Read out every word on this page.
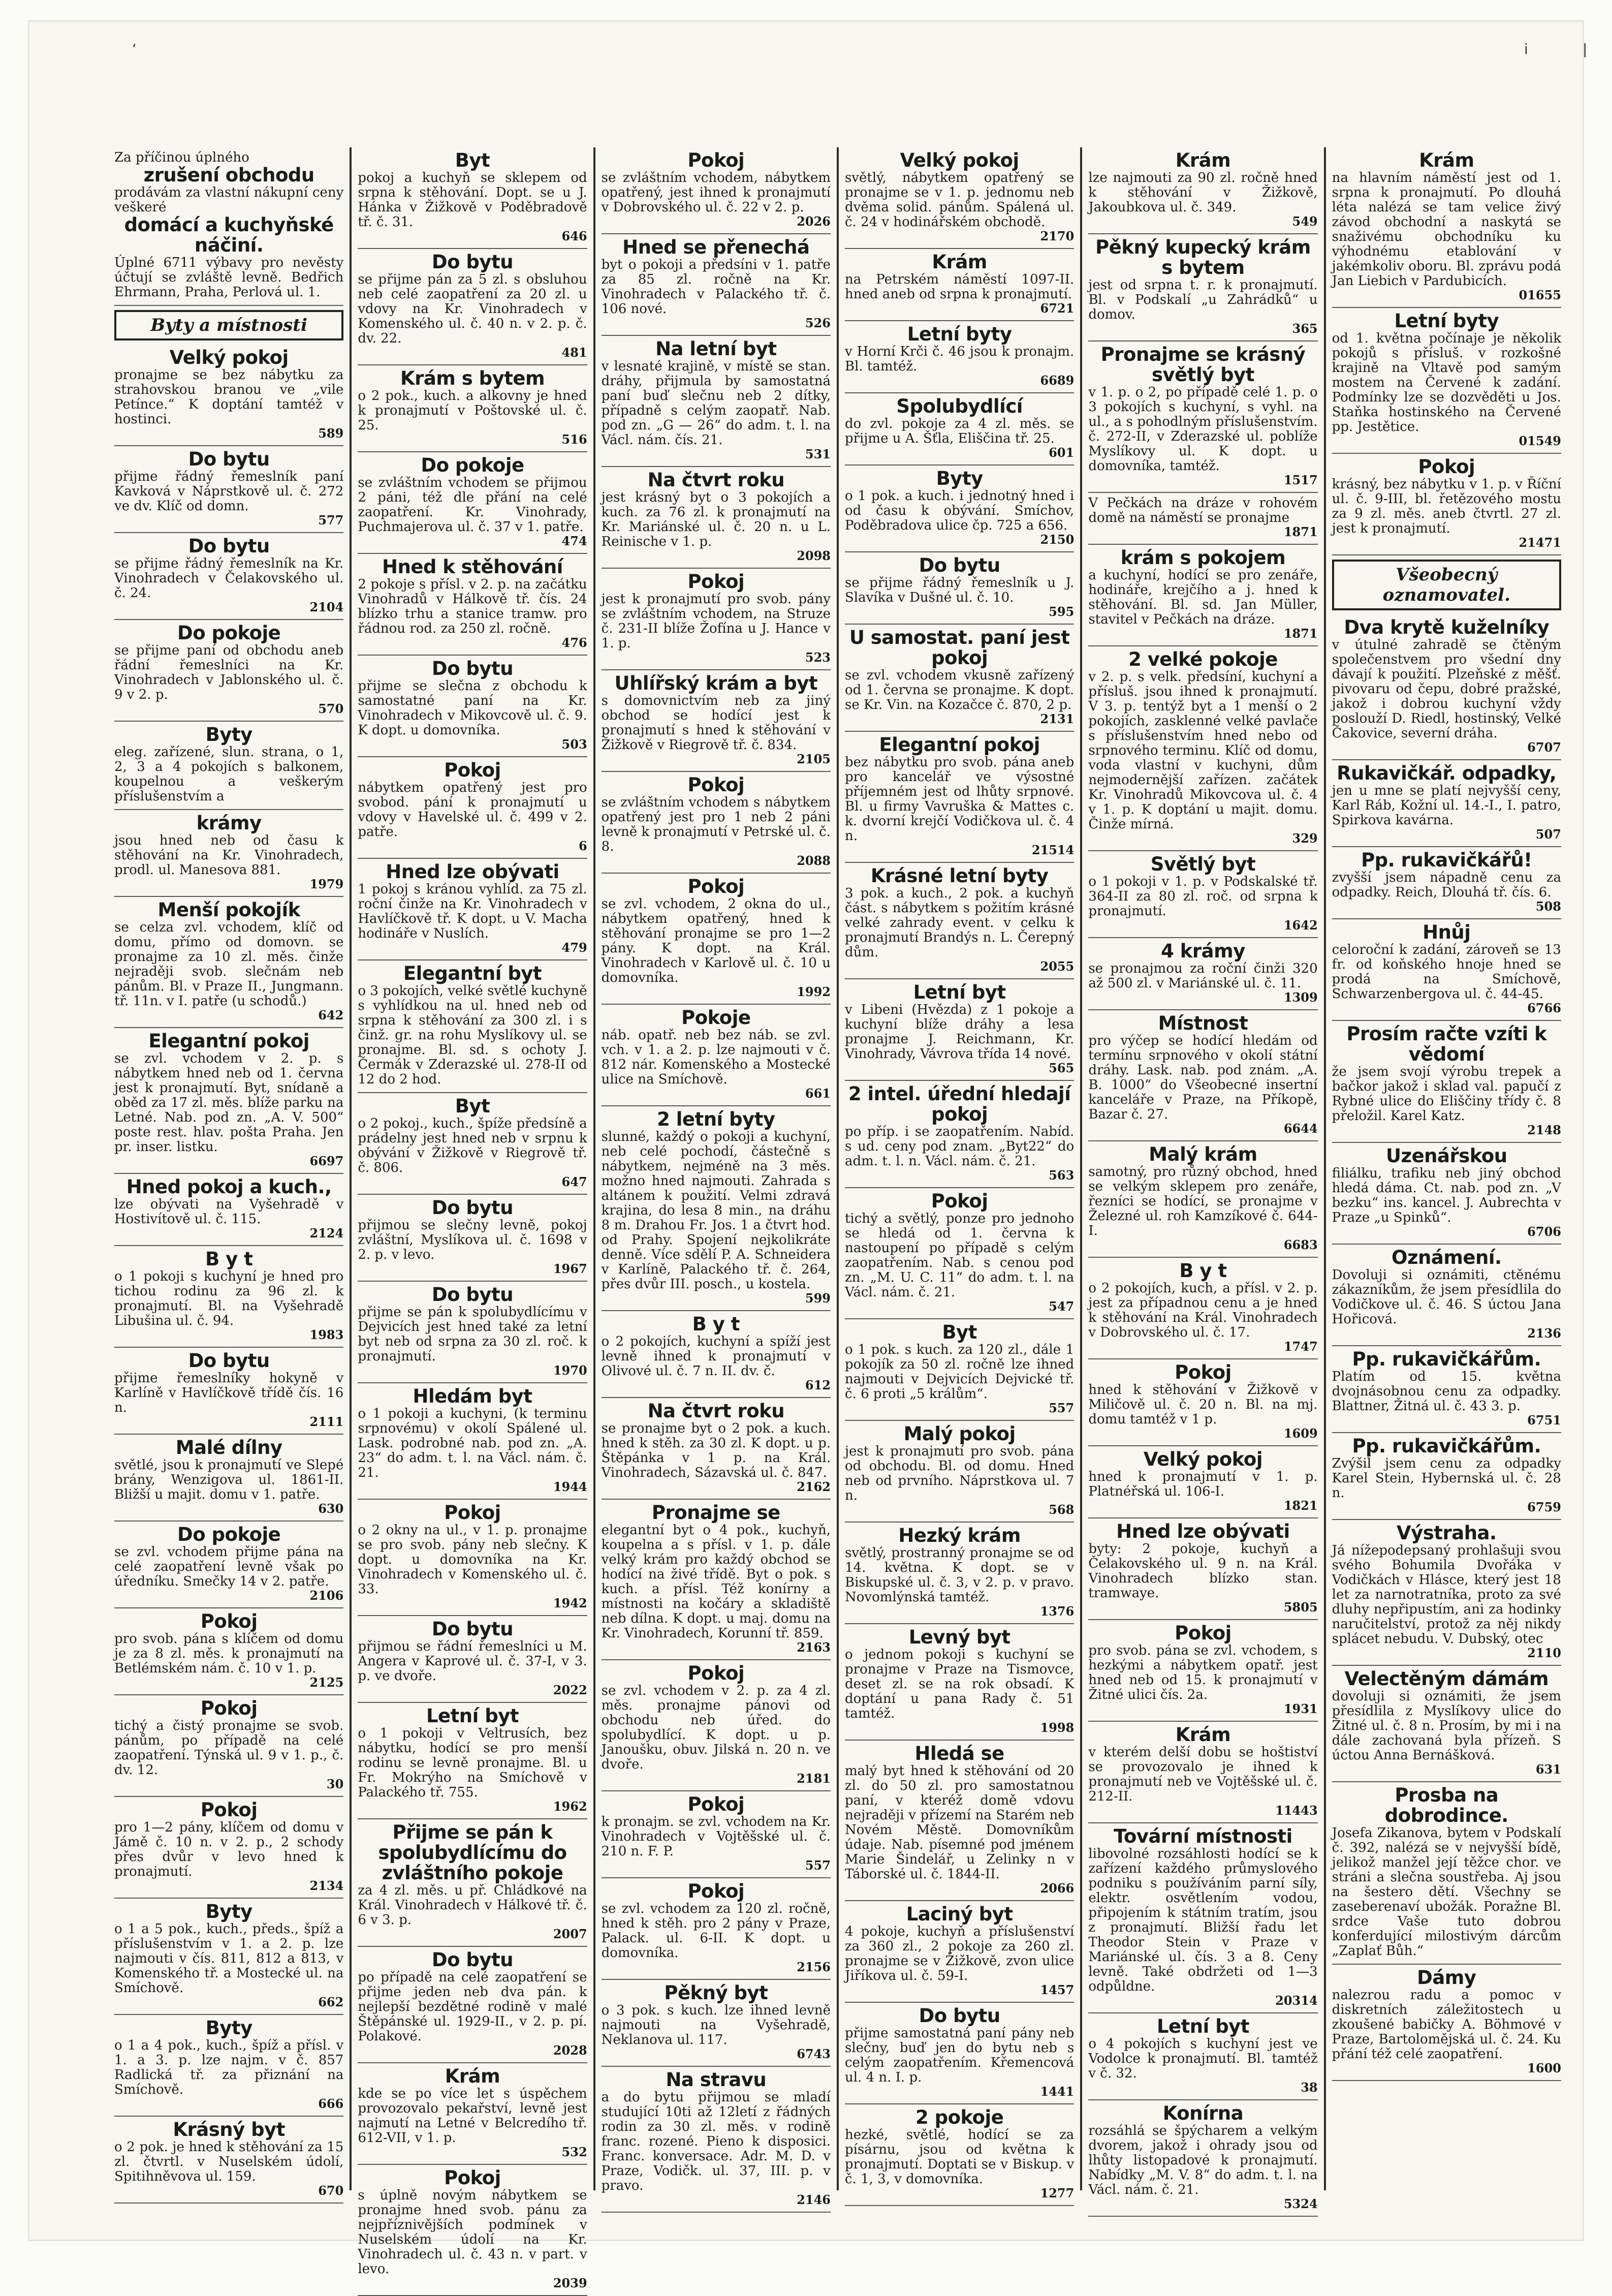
‘	i	|
Za příčinou úplného
zrušení obchodu
prodávám za vlastní nákupní ceny veškeré
domácí a kuchyňské náčiní.
Úplné 6711 výbavy pro nevěsty účtují se zvláště levně. Bedřich Ehrmann, Praha, Perlová ul. 1.
Byty a místnosti
Velký pokoj
pronajme se bez nábytku za strahovskou branou ve „vile Petínce.“ K doptání tamtéž v hostinci.
589
Do bytu
přijme řádný řemeslník paní Kavková v Náprstkově ul. č. 272 ve dv. Klíč od domn.
577
Do bytu
se přijme řádný řemeslník na Kr. Vinohradech v Čelakovského ul. č. 24.
2104
Do pokoje
se přijme paní od obchodu aneb řádní řemeslníci na Kr. Vinohradech v Jablonského ul. č. 9 v 2. p.
570
Byty
eleg. zařízené, slun. strana, o 1, 2, 3 a 4 pokojích s balkonem, koupelnou a veškerým příslušenstvím a
krámy
jsou hned neb od času k stěhování na Kr. Vinohradech, prodl. ul. Manesova 881.
1979
Menší pokojík
se celza zvl. vchodem, klíč od domu, přímo od domovn. se pronajme za 10 zl. měs. činže nejraději svob. slečnám neb pánům. Bl. v Praze II., Jungmann. tř. 11n. v I. patře (u schodů.)
642
Elegantní pokoj
se zvl. vchodem v 2. p. s nábytkem hned neb od 1. června jest k pronajmutí. Byt, snídaně a oběd za 17 zl. měs. blíže parku na Letné. Nab. pod zn. „A. V. 500“ poste rest. hlav. pošta Praha. Jen pr. inser. listku.
6697
Hned pokoj a kuch.,
lze obývati na Vyšehradě v Hostivítově ul. č. 115.
2124
B y t
o 1 pokoji s kuchyní je hned pro tichou rodinu za 96 zl. k pronajmutí. Bl. na Vyšehradě Libušina ul. č. 94.
1983
Do bytu
přijme řemeslníky hokyně v Karlíně v Havlíčkově třídě čís. 16 n.
2111
Malé dílny
světlé, jsou k pronajmutí ve Slepé brány, Wenzigova ul. 1861-II. Bližší u majit. domu v 1. patře.
630
Do pokoje
se zvl. vchodem přijme pána na celé zaopatření levně však po úředníku. Smečky 14 v 2. patře.
2106
Pokoj
pro svob. pána s klíčem od domu je za 8 zl. měs. k pronajmutí na Betlémském nám. č. 10 v 1. p.
2125
Pokoj
tichý a čistý pronajme se svob. pánům, po případě na celé zaopatření. Týnská ul. 9 v 1. p., č. dv. 12.
30
Pokoj
pro 1—2 pány, klíčem od domu v Jámě č. 10 n. v 2. p., 2 schody přes dvůr v levo hned k pronajmutí.
2134
Byty
o 1 a 5 pok., kuch., předs., špíž a příslušenstvím v 1. a 2. p. lze najmouti v čís. 811, 812 a 813, v Komenského tř. a Mostecké ul. na Smíchově.
662
Byty
o 1 a 4 pok., kuch., špíž a přísl. v 1. a 3. p. lze najm. v č. 857 Radlická tř. za přiznání na Smíchově.
666
Krásný byt
o 2 pok. je hned k stěhování za 15 zl. čtvrtl. v Nuselském údolí, Spitihněvova ul. 159.
670
Byt
pokoj a kuchyň se sklepem od srpna k stěhování. Dopt. se u J. Hánka v Žižkově v Poděbradově tř. č. 31.
646
Do bytu
se přijme pán za 5 zl. s obsluhou neb celé zaopatření za 20 zl. u vdovy na Kr. Vinohradech v Komenského ul. č. 40 n. v 2. p. č. dv. 22.
481
Krám s bytem
o 2 pok., kuch. a alkovny je hned k pronajmutí v Poštovské ul. č. 25.
516
Do pokoje
se zvláštním vchodem se přijmou 2 páni, též dle přání na celé zaopatření. Kr. Vinohrady, Puchmajerova ul. č. 37 v 1. patře.
474
Hned k stěhování
2 pokoje s přísl. v 2. p. na začátku Vinohradů v Hálkově tř. čís. 24 blízko trhu a stanice tramw. pro řádnou rod. za 250 zl. ročně.
476
Do bytu
přijme se slečna z obchodu k samostatné paní na Kr. Vinohradech v Mikovcově ul. č. 9. K dopt. u domovníka.
503
Pokoj
nábytkem opatřený jest pro svobod. pání k pronajmutí u vdovy v Havelské ul. č. 499 v 2. patře.
6
Hned lze obývati
1 pokoj s kránou vyhlíd. za 75 zl. roční činže na Kr. Vinohradech v Havlíčkově tř. K dopt. u V. Macha hodináře v Nuslích.
479
Elegantní byt
o 3 pokojích, velké světlé kuchyně s vyhlídkou na ul. hned neb od srpna k stěhování za 300 zl. i s činž. gr. na rohu Myslíkovy ul. se pronajme. Bl. sd. s ochoty J. Čermák v Zderazské ul. 278-II od 12 do 2 hod.
Byt
o 2 pokoj., kuch., špíže předsíně a prádelny jest hned neb v srpnu k obývání v Žižkově v Riegrově tř. č. 806.
647
Do bytu
přijmou se slečny levně, pokoj zvláštní, Myslíkova ul. č. 1698 v 2. p. v levo.
1967
Do bytu
přijme se pán k spolubydlícímu v Dejvicích jest hned také za letní byt neb od srpna za 30 zl. roč. k pronajmutí.
1970
Hledám byt
o 1 pokoji a kuchyni, (k terminu srpnovému) v okolí Spálené ul. Lask. podrobné nab. pod zn. „A. 23“ do adm. t. l. na Václ. nám. č. 21.
1944
Pokoj
o 2 okny na ul., v 1. p. pronajme se pro svob. pány neb slečny. K dopt. u domovníka na Kr. Vinohradech v Komenského ul. č. 33.
1942
Do bytu
přijmou se řádní řemeslníci u M. Angera v Kaprové ul. č. 37-I, v 3. p. ve dvoře.
2022
Letní byt
o 1 pokoji v Veltrusích, bez nábytku, hodící se pro menší rodinu se levně pronajme. Bl. u Fr. Mokrýho na Smíchově v Palackého tř. 755.
1962
Přijme se pán k spolubydlícímu do zvláštního pokoje
za 4 zl. měs. u př. Chládkové na Král. Vinohradech v Hálkové tř. č. 6 v 3. p.
2007
Do bytu
po případě na celé zaopatření se přijme jeden neb dva pán. k nejlepší bezdětné rodině v malé Štěpánské ul. 1929-II., v 2. p. pí. Polakové.
2028
Krám
kde se po více let s úspěchem provozovalo pekařství, levně jest najmutí na Letné v Belcredího tř. 612-VII, v 1. p.
532
Pokoj
s úplně novým nábytkem se pronajme hned svob. pánu za nejpříznivějších podmínek v Nuselském údolí na Kr. Vinohradech ul. č. 43 n. v part. v levo.
2039
Pokoj
se zvláštním vchodem, nábytkem opatřený, jest ihned k pronajmutí v Dobrovského ul. č. 22 v 2. p.
2026
Hned se přenechá
byt o pokoji a předsíni v 1. patře za 85 zl. ročně na Kr. Vinohradech v Palackého tř. č. 106 nové.
526
Na letní byt
v lesnaté krajině, v místě se stan. dráhy, přijmula by samostatná paní buď slečnu neb 2 dítky, případně s celým zaopatř. Nab. pod zn. „G — 26“ do adm. t. l. na Václ. nám. čís. 21.
531
Na čtvrt roku
jest krásný byt o 3 pokojích a kuch. za 76 zl. k pronajmutí na Kr. Mariánské ul. č. 20 n. u L. Reinische v 1. p.
2098
Pokoj
jest k pronajmutí pro svob. pány se zvláštním vchodem, na Struze č. 231-II blíže Žofína u J. Hance v 1. p.
523
Uhlířský krám a byt
s domovnictvím neb za jiný obchod se hodící jest k pronajmutí s hned k stěhování v Žižkově v Riegrově tř. č. 834.
2105
Pokoj
se zvláštním vchodem s nábytkem opatřený jest pro 1 neb 2 páni levně k pronajmutí v Petrské ul. č. 8.
2088
Pokoj
se zvl. vchodem, 2 okna do ul., nábytkem opatřený, hned k stěhování pronajme se pro 1—2 pány. K dopt. na Král. Vinohradech v Karlově ul. č. 10 u domovníka.
1992
Pokoje
náb. opatř. neb bez náb. se zvl. vch. v 1. a 2. p. lze najmouti v č. 812 nár. Komenského a Mostecké ulice na Smíchově.
661
2 letní byty
slunné, každý o pokoji a kuchyní, neb celé pochodí, částečně s nábytkem, nejméně na 3 měs. možno hned najmouti. Zahrada s altánem k použití. Velmi zdravá krajina, do lesa 8 min., na dráhu 8 m. Drahou Fr. Jos. 1 a čtvrt hod. od Prahy. Spojení nejkolikráte denně. Více sdělí P. A. Schneidera v Karlíně, Palackého tř. č. 264, přes dvůr III. posch., u kostela.
599
B y t
o 2 pokojích, kuchyní a spíží jest levně ihned k pronajmutí v Olivové ul. č. 7 n. II. dv. č.
612
Na čtvrt roku
se pronajme byt o 2 pok. a kuch. hned k stěh. za 30 zl. K dopt. u p. Štěpánka v 1 p. na Král. Vinohradech, Sázavská ul. č. 847.
2162
Pronajme se
elegantní byt o 4 pok., kuchyň, koupelna a s přísl. v 1. p. dále velký krám pro každý obchod se hodící na živé třídě. Byt o pok. s kuch. a přísl. Též konírny a místnosti na kočáry a skladiště neb dílna. K dopt. u maj. domu na Kr. Vinohradech, Korunní tř. 859.
2163
Pokoj
se zvl. vchodem v 2. p. za 4 zl. měs. pronajme pánovi od obchodu neb úřed. do spolubydlící. K dopt. u p. Janoušku, obuv. Jilská n. 20 n. ve dvoře.
2181
Pokoj
k pronajm. se zvl. vchodem na Kr. Vinohradech v Vojtěšské ul. č. 210 n. F. P.
557
Pokoj
se zvl. vchodem za 120 zl. ročně, hned k stěh. pro 2 pány v Praze, Palack. ul. 6-II. K dopt. u domovníka.
2156
Pěkný byt
o 3 pok. s kuch. lze ihned levně najmouti na Vyšehradě, Neklanova ul. 117.
6743
Na stravu
a do bytu přijmou se mladí studující 10ti až 12letí z řádných rodin za 30 zl. měs. v rodině franc. rozené. Pieno k disposici. Franc. konversace. Adr. M. D. v Praze, Vodičk. ul. 37, III. p. v pravo.
2146
Velký pokoj
světlý, nábytkem opatřený se pronajme se v 1. p. jednomu neb dvěma solid. pánům. Spálená ul. č. 24 v hodinářském obchodě.
2170
Krám
na Petrském náměstí 1097-II. hned aneb od srpna k pronajmutí.
6721
Letní byty
v Horní Krči č. 46 jsou k pronajm. Bl. tamtéž.
6689
Spolubydlící
do zvl. pokoje za 4 zl. měs. se přijme u A. Šťla, Eliščina tř. 25.
601
Byty
o 1 pok. a kuch. i jednotný hned i od času k obývání. Smíchov, Poděbradova ulice čp. 725 a 656.
2150
Do bytu
se přijme řádný řemeslník u J. Slavíka v Dušné ul. č. 10.
595
U samostat. paní jest pokoj
se zvl. vchodem vkusně zařízený od 1. června se pronajme. K dopt. se Kr. Vin. na Kozačce č. 870, 2 p.
2131
Elegantní pokoj
bez nábytku pro svob. pána aneb pro kancelář ve výsostné příjemném jest od lhůty srpnové. Bl. u firmy Vavruška & Mattes c. k. dvorní krejčí Vodičkova ul. č. 4 n.
21514
Krásné letní byty
3 pok. a kuch., 2 pok. a kuchyň část. s nábytkem s požitím krásné velké zahrady event. v celku k pronajmutí Brandýs n. L. Čerepný dům.
2055
Letní byt
v Libeni (Hvězda) z 1 pokoje a kuchyní blíže dráhy a lesa pronajme J. Reichmann, Kr. Vinohrady, Vávrova třída 14 nové.
565
2 intel. úřední hledají pokoj
po příp. i se zaopatřením. Nabíd. s ud. ceny pod znam. „Byt22“ do adm. t. l. n. Václ. nám. č. 21.
563
Pokoj
tichý a světlý, ponze pro jednoho se hledá od 1. června k nastoupení po případě s celým zaopatřením. Nab. s cenou pod zn. „M. U. C. 11“ do adm. t. l. na Václ. nám. č. 21.
547
Byt
o 1 pok. s kuch. za 120 zl., dále 1 pokojík za 50 zl. ročně lze ihned najmouti v Dejvicích Dejvické tř. č. 6 proti „5 králům“.
557
Malý pokoj
jest k pronajmutí pro svob. pána od obchodu. Bl. od domu. Hned neb od prvního. Náprstkova ul. 7 n.
568
Hezký krám
světlý, prostranný pronajme se od 14. května. K dopt. se v Biskupské ul. č. 3, v 2. p. v pravo. Novomlýnská tamtéž.
1376
Levný byt
o jednom pokoji s kuchyní se pronajme v Praze na Tismovce, deset zl. se na rok obsadí. K doptání u pana Rady č. 51 tamtéž.
1998
Hledá se
malý byt hned k stěhování od 20 zl. do 50 zl. pro samostatnou paní, v kteréž domě vdovu nejraději v přízemí na Starém neb Novém Městě. Domovníkům údaje. Nab. písemné pod jménem Marie Šindelář, u Zelinky n v Táborské ul. č. 1844-II.
2066
Laciný byt
4 pokoje, kuchyň a příslušenství za 360 zl., 2 pokoje za 260 zl. pronajme se v Žižkově, zvon ulice Jiříkova ul. č. 59-I.
1457
Do bytu
přijme samostatná paní pány neb slečny, buď jen do bytu neb s celým zaopatřením. Křemencová ul. 4 n. I. p.
1441
2 pokoje
hezké, světlé, hodící se za písárnu, jsou od května k pronajmutí. Doptati se v Biskup. v č. 1, 3, v domovníka.
1277
Krám
lze najmouti za 90 zl. ročně hned k stěhování v Žižkově, Jakoubkova ul. č. 349.
549
Pěkný kupecký krám s bytem
jest od srpna t. r. k pronajmutí. Bl. v Podskalí „u Zahrádků“ u domov.
365
Pronajme se krásný světlý byt
v 1. p. o 2, po případě celé 1. p. o 3 pokojích s kuchyní, s vyhl. na ul., a s pohodlným příslušenstvím. č. 272-II, v Zderazské ul. poblíže Myslíkovy ul. K dopt. u domovníka, tamtéž.
1517
V Pečkách na dráze v rohovém domě na náměstí se pronajme
1871
krám s pokojem
a kuchyní, hodící se pro zenáře, hodináře, krejčího a j. hned k stěhování. Bl. sd. Jan Müller, stavitel v Pečkách na dráze.
1871
2 velké pokoje
v 2. p. s velk. předsíní, kuchyní a přísluš. jsou ihned k pronajmutí. V 3. p. tentýž byt a 1 menší o 2 pokojích, zasklenné velké pavlače s příslušenstvím hned nebo od srpnového terminu. Klíč od domu, voda vlastní v kuchyni, dům nejmodernější zařízen. začátek Kr. Vinohradů Mikovcova ul. č. 4 v 1. p. K doptání u majit. domu. Činže mírná.
329
Světlý byt
o 1 pokoji v 1. p. v Podskalské tř. 364-II za 80 zl. roč. od srpna k pronajmutí.
1642
4 krámy
se pronajmou za roční činži 320 až 500 zl. v Mariánské ul. č. 11.
1309
Místnost
pro výčep se hodící hledám od termínu srpnového v okolí státní dráhy. Lask. nab. pod znám. „A. B. 1000“ do Všeobecné insertní kanceláře v Praze, na Příkopě, Bazar č. 27.
6644
Malý krám
samotný, pro různý obchod, hned se velkým sklepem pro zenáře, řezníci se hodící, se pronajme v Železné ul. roh Kamzíkové č. 644-I.
6683
B y t
o 2 pokojích, kuch, a přísl. v 2. p. jest za případnou cenu a je hned k stěhování na Král. Vinohradech v Dobrovského ul. č. 17.
1747
Pokoj
hned k stěhování v Žižkově v Miličově ul. č. 20 n. Bl. na mj. domu tamtéž v 1 p.
1609
Velký pokoj
hned k pronajmutí v 1. p. Platnéřská ul. 106-I.
1821
Hned lze obývati
byty: 2 pokoje, kuchyň a Čelakovského ul. 9 n. na Král. Vinohradech blízko stan. tramwaye.
5805
Pokoj
pro svob. pána se zvl. vchodem, s hezkými a nábytkem opatř. jest hned neb od 15. k pronajmutí v Žitné ulici čís. 2a.
1931
Krám
v kterém delší dobu se hoštiství se provozovalo je ihned k pronajmutí neb ve Vojtěšské ul. č. 212-II.
11443
Tovární místnosti
libovolné rozsáhlosti hodící se k zařízení každého průmyslového podniku s používáním parní síly, elektr. osvětlením vodou, připojením k státním tratím, jsou z pronajmutí. Bližší řadu let Theodor Stein v Praze v Mariánské ul. čís. 3 a 8. Ceny levně. Také obdržeti od 1—3 odpůldne.
20314
Letní byt
o 4 pokojích s kuchyní jest ve Vodolce k pronajmutí. Bl. tamtéž v č. 32.
38
Konírna
rozsáhlá se špýcharem a velkým dvorem, jakož i ohrady jsou od lhůty listopadové k pronajmutí. Nabídky „M. V. 8“ do adm. t. l. na Václ. nám. č. 21.
5324
Krám
na hlavním náměstí jest od 1. srpna k pronajmutí. Po dlouhá léta nalézá se tam velice živý závod obchodní a naskytá se snaživému obchodníku ku výhodnému etablování v jakémkoliv oboru. Bl. zprávu podá Jan Liebich v Pardubicích.
01655
Letní byty
od 1. května počínaje je několik pokojů s přísluš. v rozkošné krajině na Vltavě pod samým mostem na Červené k zadání. Podmínky lze se dozvěděti u Jos. Staňka hostinského na Červené pp. Jestětice.
01549
Pokoj
krásný, bez nábytku v 1. p. v Říční ul. č. 9-III, bl. řetězového mostu za 9 zl. měs. aneb čtvrtl. 27 zl. jest k pronajmutí.
21471
Všeobecný oznamovatel.
Dva krytě kuželníky
v útulné zahradě se čtěným společenstvem pro všední dny dávají k použití. Plzeňské z měšť. pivovaru od čepu, dobré pražské, jakož i dobrou kuchyní vždy poslouží D. Riedl, hostinský, Velké Čakovice, severní dráha.
6707
Rukavičkář. odpadky,
jen u mne se platí nejvyšší ceny, Karl Ráb, Kožní ul. 14.-I., I. patro, Spirkova kavárna.
507
Pp. rukavičkářů!
zvyšší jsem nápadně cenu za odpadky. Reich, Dlouhá tř. čís. 6.
508
Hnůj
celoroční k zadání, zároveň se 13 fr. od koňského hnoje hned se prodá na Smíchově, Schwarzenbergova ul. č. 44-45.
6766
Prosím račte vzíti k vědomí
že jsem svojí výrobu trepek a bačkor jakož i sklad val. papučí z Rybné ulice do Eliščiny třídy č. 8 přeložil. Karel Katz.
2148
Uzenářskou
filiálku, trafiku neb jiný obchod hledá dáma. Ct. nab. pod zn. „V bezku“ ins. kancel. J. Aubrechta v Praze „u Spinků“.
6706
Oznámení.
Dovoluji si oznámiti, ctěnému zákazníkům, že jsem přesídlila do Vodičkove ul. č. 46. S úctou Jana Hořicová.
2136
Pp. rukavičkářům.
Platím od 15. května dvojnásobnou cenu za odpadky. Blattner, Žitná ul. č. 43 3. p.
6751
Pp. rukavičkářům.
Zvýšil jsem cenu za odpadky Karel Stein, Hybernská ul. č. 28 n.
6759
Výstraha.
Já nížepodepsaný prohlašuji svou svého Bohumila Dvořáka v Vodičkách v Hlásce, který jest 18 let za narnotratníka, proto za své dluhy nepřipustím, ani za hodinky naručitelství, protož za něj nikdy splácet nebudu. V. Dubský, otec
2110
Velectěným dámám
dovoluji si oznámiti, že jsem přesídlila z Myslíkovy ulice do Žitné ul. č. 8 n. Prosím, by mi i na dále zachovaná byla přízeň. S úctou Anna Bernášková.
631
Prosba na dobrodince.
Josefa Zikanova, bytem v Podskalí č. 392, nalézá se v nejvyšší bídě, jelikož manžel její těžce chor. ve stráni a slečna soustřeba. Aj jsou na šestero dětí. Všechny se zaseberenaví ubožák. Poražne Bl. srdce Vaše tuto dobrou konferdující milostivým dárcům „Zaplať Bůh.“
Dámy
nalezrou radu a pomoc v diskretních záležitostech u zkoušené babičky A. Böhmové v Praze, Bartolomějská ul. č. 24. Ku přání též celé zaopatření.
1600
